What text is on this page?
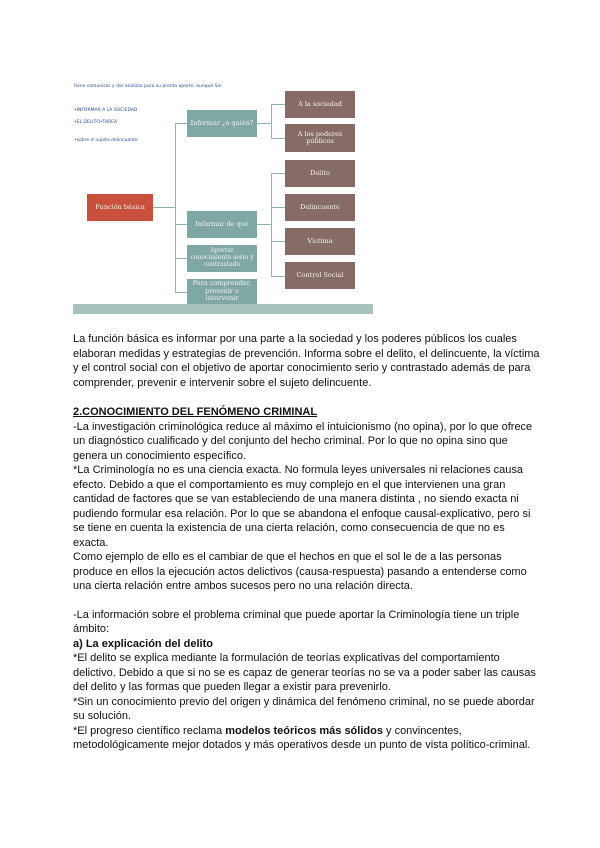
tiene comunicar y dar analizar para su pronto aporte, aunque Sin
•INFORMAR A LA SOCIEDAD
•EL DELITO•TAREA
•sobre el sujeto delincuente
Función básica
Informar ¿a quién?
Informar de qué
Aportar conocimiento serio y contrastado
Para comprender, prevenir e intervenir
A la sociedad
A los poderes públicos
Delito
Delincuente
Víctima
Control Social

La función básica es informar por una parte a la sociedad y los poderes públicos los cuales elaboran medidas y estrategias de prevención. Informa sobre el delito, el delincuente, la víctima y el control social con el objetivo de aportar conocimiento serio y contrastado además de para comprender, prevenir e intervenir sobre el sujeto delincuente.

2.CONOCIMIENTO DEL FENÓMENO CRIMINAL

-La investigación criminológica reduce al máximo el intuicionismo (no opina), por lo que ofrece un diagnóstico cualificado y del conjunto del hecho criminal. Por lo que no opina sino que genera un conocimiento específico.

*La Criminología no es una ciencia exacta. No formula leyes universales ni relaciones causa efecto. Debido a que el comportamiento es muy complejo en el que intervienen una gran cantidad de factores que se van estableciendo de una manera distinta , no siendo exacta ni pudiendo formular esa relación. Por lo que se abandona el enfoque causal-explicativo, pero si se tiene en cuenta la existencia de una cierta relación, como consecuencia de que no es exacta.

Como ejemplo de ello es el cambiar de que el hechos en que el sol le de a las personas produce en ellos la ejecución actos delictivos (causa-respuesta) pasando a entenderse como una cierta relación entre ambos sucesos pero no una relación directa.

-La información sobre el problema criminal que puede aportar la Criminología tiene un triple ámbito:

a) La explicación del delito

*El delito se explica mediante la formulación de teorías explicativas del comportamiento delictivo. Debido a que si no se es capaz de generar teorías no se va a poder saber las causas del delito y las formas que pueden llegar a existir para prevenirlo.

*Sin un conocimiento previo del origen y dinámica del fenómeno criminal, no se puede abordar su solución.

*El progreso científico reclama modelos teóricos más sólidos y convincentes, metodológicamente mejor dotados y más operativos desde un punto de vista político-criminal.
